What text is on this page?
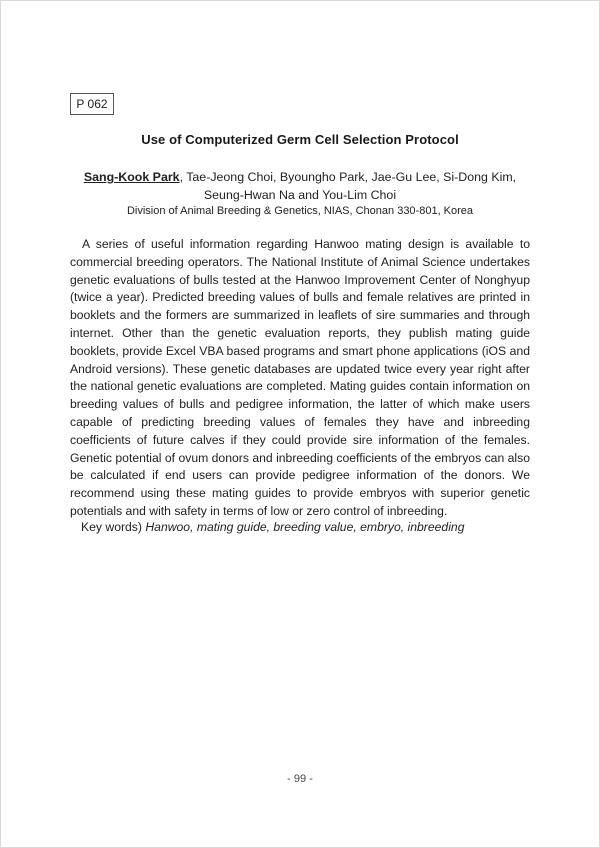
P 062
Use of Computerized Germ Cell Selection Protocol
Sang-Kook Park, Tae-Jeong Choi, Byoungho Park, Jae-Gu Lee, Si-Dong Kim,
Seung-Hwan Na and You-Lim Choi
Division of Animal Breeding & Genetics, NIAS, Chonan 330-801, Korea

A series of useful information regarding Hanwoo mating design is available to commercial breeding operators. The National Institute of Animal Science undertakes genetic evaluations of bulls tested at the Hanwoo Improvement Center of Nonghyup (twice a year). Predicted breeding values of bulls and female relatives are printed in booklets and the formers are summarized in leaflets of sire summaries and through internet. Other than the genetic evaluation reports, they publish mating guide booklets, provide Excel VBA based programs and smart phone applications (iOS and Android versions). These genetic databases are updated twice every year right after the national genetic evaluations are completed. Mating guides contain information on breeding values of bulls and pedigree information, the latter of which make users capable of predicting breeding values of females they have and inbreeding coefficients of future calves if they could provide sire information of the females. Genetic potential of ovum donors and inbreeding coefficients of the embryos can also be calculated if end users can provide pedigree information of the donors. We recommend using these mating guides to provide embryos with superior genetic potentials and with safety in terms of low or zero control of inbreeding.

Key words) Hanwoo, mating guide, breeding value, embryo, inbreeding
- 99 -
